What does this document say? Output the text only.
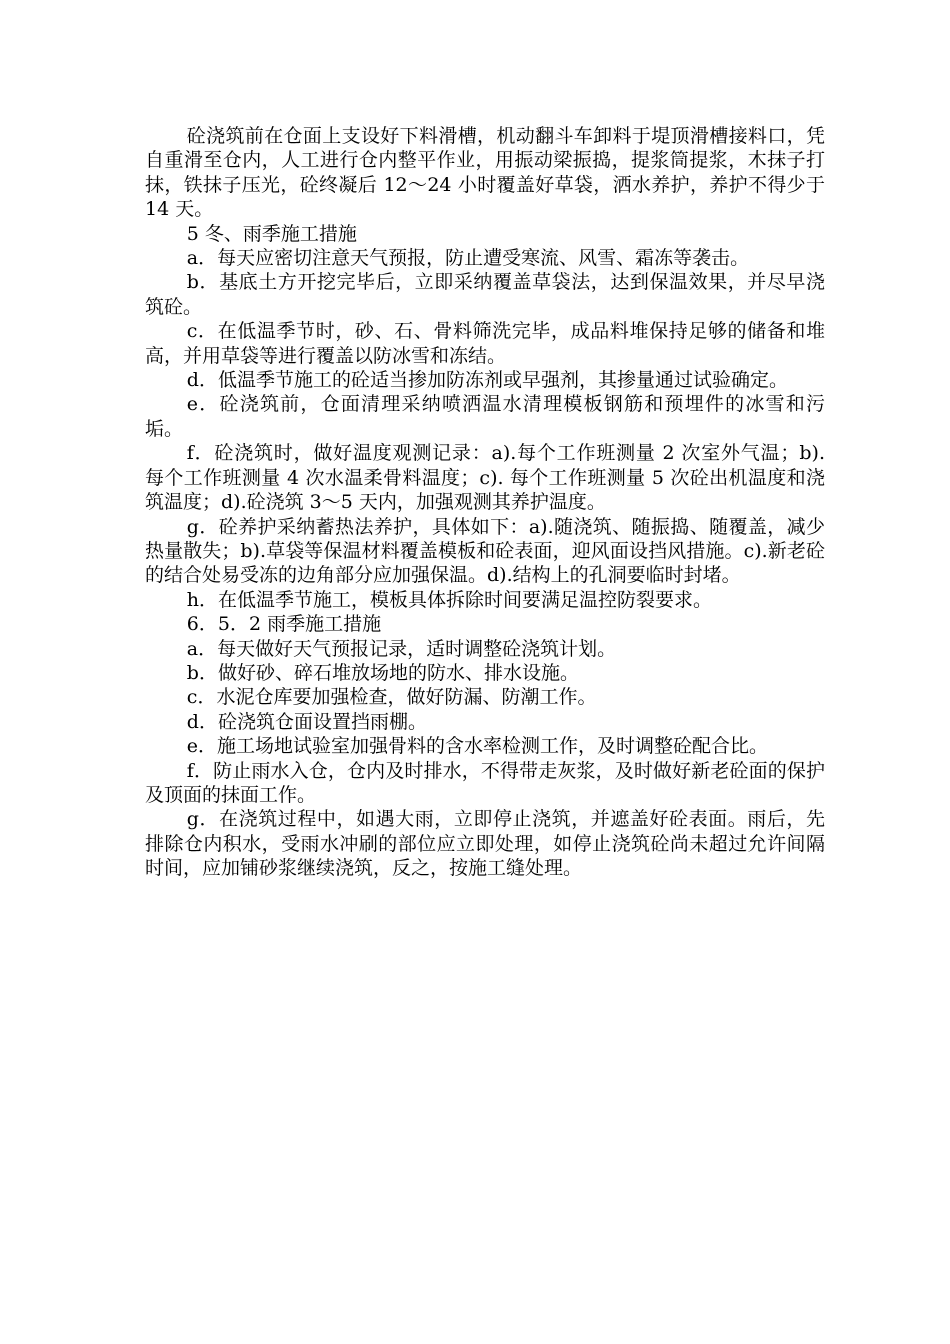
砼浇筑前在仓面上支设好下料滑槽，机动翻斗车卸料于堤顶滑槽接料口，凭自重滑至仓内，人工进行仓内整平作业，用振动梁振捣，提浆筒提浆，木抹子打抹，铁抹子压光，砼终凝后 12～24 小时覆盖好草袋，洒水养护，养护不得少于 14 天。

5 冬、雨季施工措施

a．每天应密切注意天气预报，防止遭受寒流、风雪、霜冻等袭击。

b．基底土方开挖完毕后，立即采纳覆盖草袋法，达到保温效果，并尽早浇筑砼。

c．在低温季节时，砂、石、骨料筛洗完毕，成品料堆保持足够的储备和堆高，并用草袋等进行覆盖以防冰雪和冻结。

d．低温季节施工的砼适当掺加防冻剂或早强剂，其掺量通过试验确定。

e．砼浇筑前，仓面清理采纳喷洒温水清理模板钢筋和预埋件的冰雪和污垢。

f．砼浇筑时，做好温度观测记录：a).每个工作班测量 2 次室外气温；b). 每个工作班测量 4 次水温柔骨料温度；c). 每个工作班测量 5 次砼出机温度和浇筑温度；d).砼浇筑 3～5 天内，加强观测其养护温度。

g．砼养护采纳蓄热法养护，具体如下：a).随浇筑、随振捣、随覆盖，减少热量散失；b).草袋等保温材料覆盖模板和砼表面，迎风面设挡风措施。c).新老砼的结合处易受冻的边角部分应加强保温。d).结构上的孔洞要临时封堵。

h．在低温季节施工，模板具体拆除时间要满足温控防裂要求。

6．5．2 雨季施工措施

a．每天做好天气预报记录，适时调整砼浇筑计划。

b．做好砂、碎石堆放场地的防水、排水设施。

c．水泥仓库要加强检查，做好防漏、防潮工作。

d．砼浇筑仓面设置挡雨棚。

e．施工场地试验室加强骨料的含水率检测工作，及时调整砼配合比。

f．防止雨水入仓，仓内及时排水，不得带走灰浆，及时做好新老砼面的保护及顶面的抹面工作。

g．在浇筑过程中，如遇大雨，立即停止浇筑，并遮盖好砼表面。雨后，先排除仓内积水，受雨水冲刷的部位应立即处理，如停止浇筑砼尚未超过允许间隔时间，应加铺砂浆继续浇筑，反之，按施工缝处理。
